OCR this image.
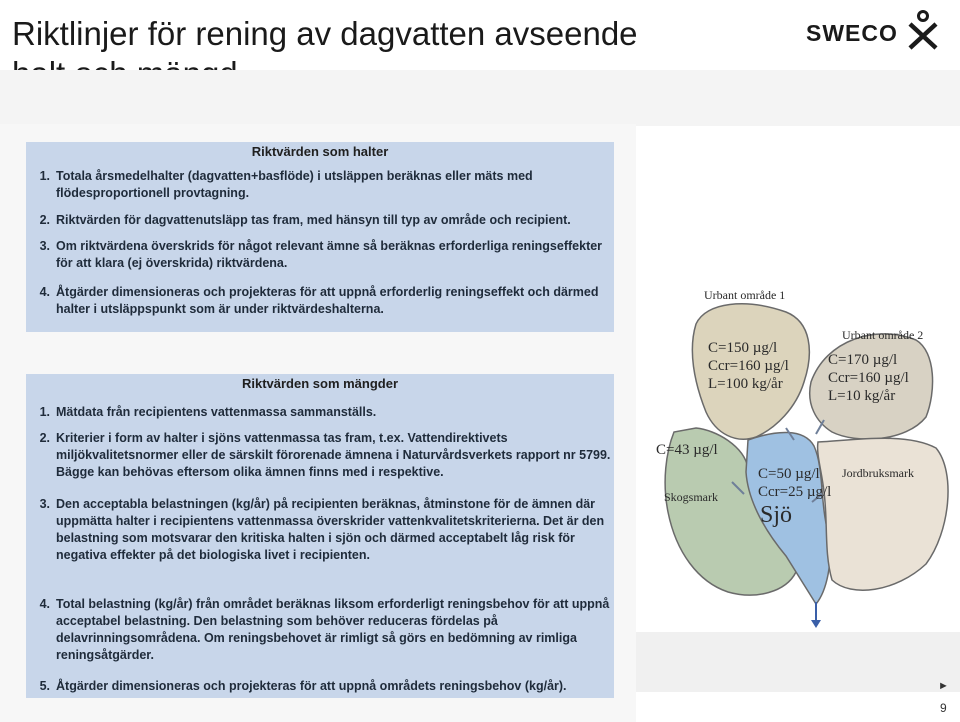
Riktlinjer för rening av dagvatten avseende	SWECO
Riktvärden som halter
1. Totala årsmedelhalter (dagvatten+basflöde) i utsläppen beräknas eller mäts med flödesproportionell provtagning.
2. Riktvärden för dagvattenutsläpp tas fram, med hänsyn till typ av område och recipient.
3. Om riktvärdena överskrids för något relevant ämne så beräknas erforderliga reningseffekter för att klara (ej överskrida) riktvärdena.
4. Åtgärder dimensioneras och projekteras för att uppnå erforderlig reningseffekt och därmed halter i utsläppspunkt som är under riktvärdeshalterna.
Riktvärden som mängder
1. Mätdata från recipientens vattenmassa sammanställs.
2. Kriterier i form av halter i sjöns vattenmassa tas fram, t.ex. Vattendirektivets miljökvalitetsnormer eller de särskilt förorenade ämnena i Naturvårdsverkets rapport nr 5799. Bägge kan behövas eftersom olika ämnen finns med i respektive.
3. Den acceptabla belastningen (kg/år) på recipienten beräknas, åtminstone för de ämnen där uppmätta halter i recipientens vattenmassa överskrider vattenkvalitetskriterierna. Det är den belastning som motsvarar den kritiska halten i sjön och därmed acceptabelt låg risk för negativa effekter på det biologiska livet i recipienten.
4. Total belastning (kg/år) från området beräknas liksom erforderligt reningsbehov för att uppnå acceptabel belastning. Den belastning som behöver reduceras fördelas på delavrinningsområdena. Om reningsbehovet är rimligt så görs en bedömning av rimliga reningsåtgärder.
5. Åtgärder dimensioneras och projekteras för att uppnå områdets reningsbehov (kg/år).
Urbant område 1
C=150 µg/l
Ccr=160 µg/l
L=100 kg/år
Urbant område 2
C=170 µg/l
Ccr=160 µg/l
L=10 kg/år
C=43 µg/l
Skogsmark
C=50 µg/l
Ccr=25 µg/l
Sjö
Jordbruksmark
►
9
